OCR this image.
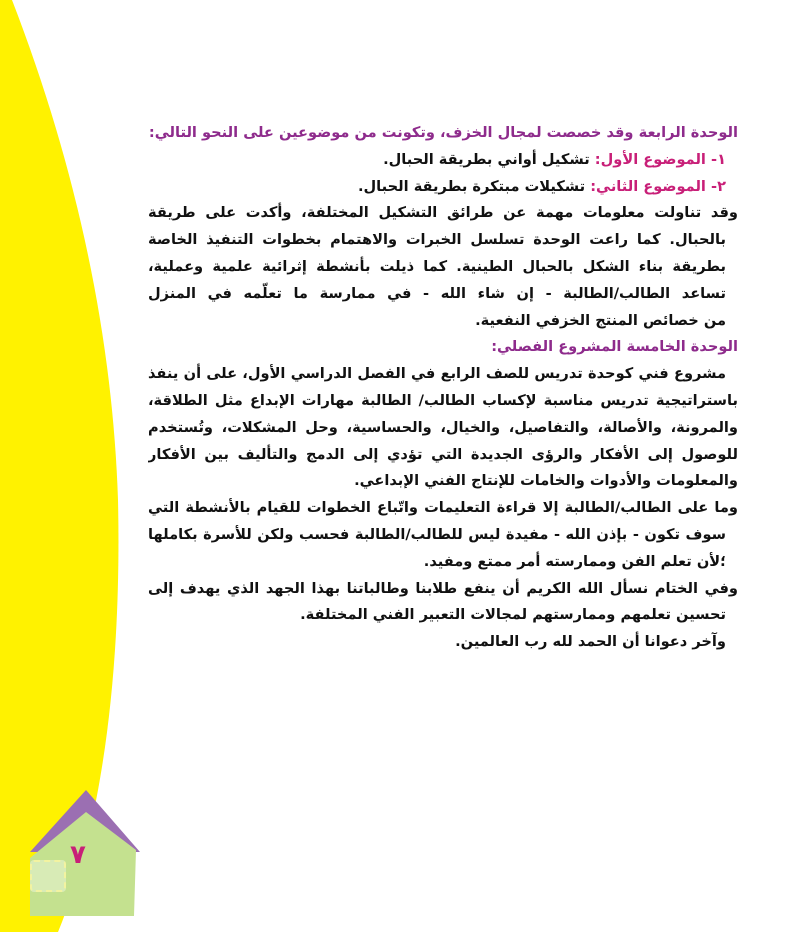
٧
الوحدة الرابعة وقد خصصت لمجال الخزف، وتكونت من موضوعين على النحو التالي:
١- الموضوع الأول: تشكيل أواني بطريقة الحبال.
٢- الموضوع الثاني: تشكيلات مبتكرة بطريقة الحبال.
وقد تناولت معلومات مهمة عن طرائق التشكيل المختلفة، وأكدت على طريقة
بالحبال. كما راعت الوحدة تسلسل الخبرات والاهتمام بخطوات التنفيذ الخاصة
بطريقة بناء الشكل بالحبال الطينية. كما ذيلت بأنشطة إثرائية علمية وعملية،
تساعد الطالب/الطالبة - إن شاء الله - في ممارسة ما تعلّمه في المنزل
من خصائص المنتج الخزفي النفعية.
الوحدة الخامسة المشروع الفصلي:
مشروع فني كوحدة تدريس للصف الرابع في الفصل الدراسي الأول، على أن ينفذ
باستراتيجية تدريس مناسبة لإكساب الطالب/ الطالبة مهارات الإبداع مثل الطلاقة،
والمرونة، والأصالة، والتفاصيل، والخيال، والحساسية، وحل المشكلات، وتُستخدم
للوصول إلى الأفكار والرؤى الجديدة التي تؤدي إلى الدمج والتأليف بين الأفكار
والمعلومات والأدوات والخامات للإنتاج الفني الإبداعي.
وما على الطالب/الطالبة إلا قراءة التعليمات واتّباع الخطوات للقيام بالأنشطة التي
سوف تكون - بإذن الله - مفيدة ليس للطالب/الطالبة فحسب ولكن للأسرة بكاملها
؛لأن تعلم الفن وممارسته أمر ممتع ومفيد.
وفي الختام نسأل الله الكريم أن ينفع طلابنا وطالباتنا بهذا الجهد الذي يهدف إلى
تحسين تعلمهم وممارستهم لمجالات التعبير الفني المختلفة.
وآخر دعوانا أن الحمد لله رب العالمين.
